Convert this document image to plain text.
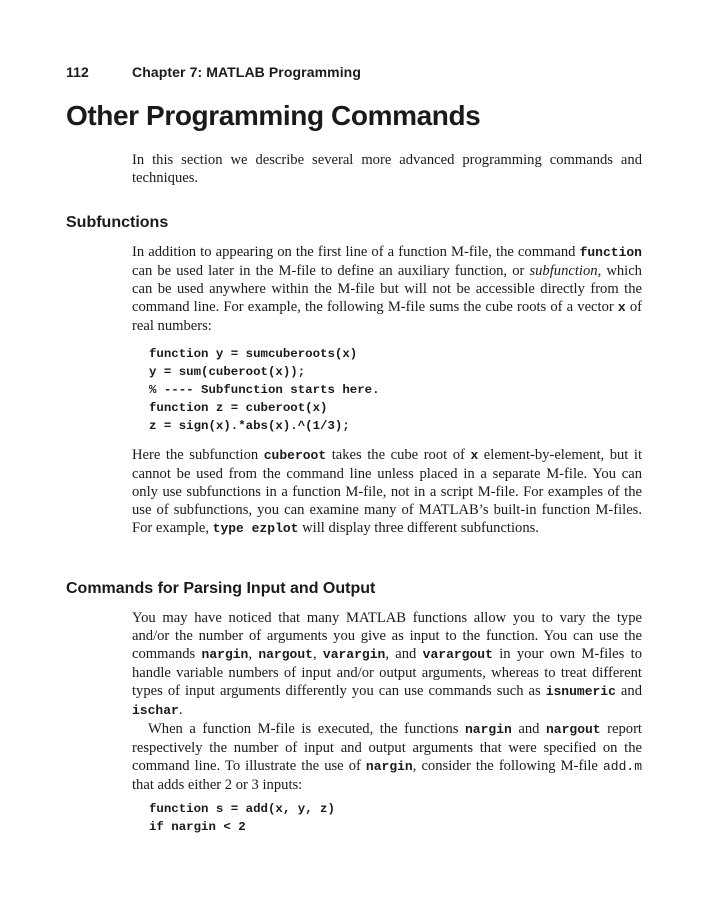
112	Chapter 7: MATLAB Programming
Other Programming Commands

In this section we describe several more advanced programming commands and techniques.

Subfunctions

In addition to appearing on the first line of a function M-file, the command function can be used later in the M-file to define an auxiliary function, or subfunction, which can be used anywhere within the M-file but will not be accessible directly from the command line. For example, the following M-file sums the cube roots of a vector x of real numbers:

function y = sumcuberoots(x)
y = sum(cuberoot(x));
% ---- Subfunction starts here.
function z = cuberoot(x)
z = sign(x).*abs(x).^(1/3);

Here the subfunction cuberoot takes the cube root of x element-by-element, but it cannot be used from the command line unless placed in a separate M-file. You can only use subfunctions in a function M-file, not in a script M-file. For examples of the use of subfunctions, you can examine many of MATLAB’s built-in function M-files. For example, type ezplot will display three different subfunctions.

Commands for Parsing Input and Output

You may have noticed that many MATLAB functions allow you to vary the type and/or the number of arguments you give as input to the function. You can use the commands nargin, nargout, varargin, and varargout in your own M-files to handle variable numbers of input and/or output arguments, whereas to treat different types of input arguments differently you can use commands such as isnumeric and ischar.

When a function M-file is executed, the functions nargin and nargout report respectively the number of input and output arguments that were specified on the command line. To illustrate the use of nargin, consider the following M-file add.m that adds either 2 or 3 inputs:

function s = add(x, y, z)
if nargin < 2
